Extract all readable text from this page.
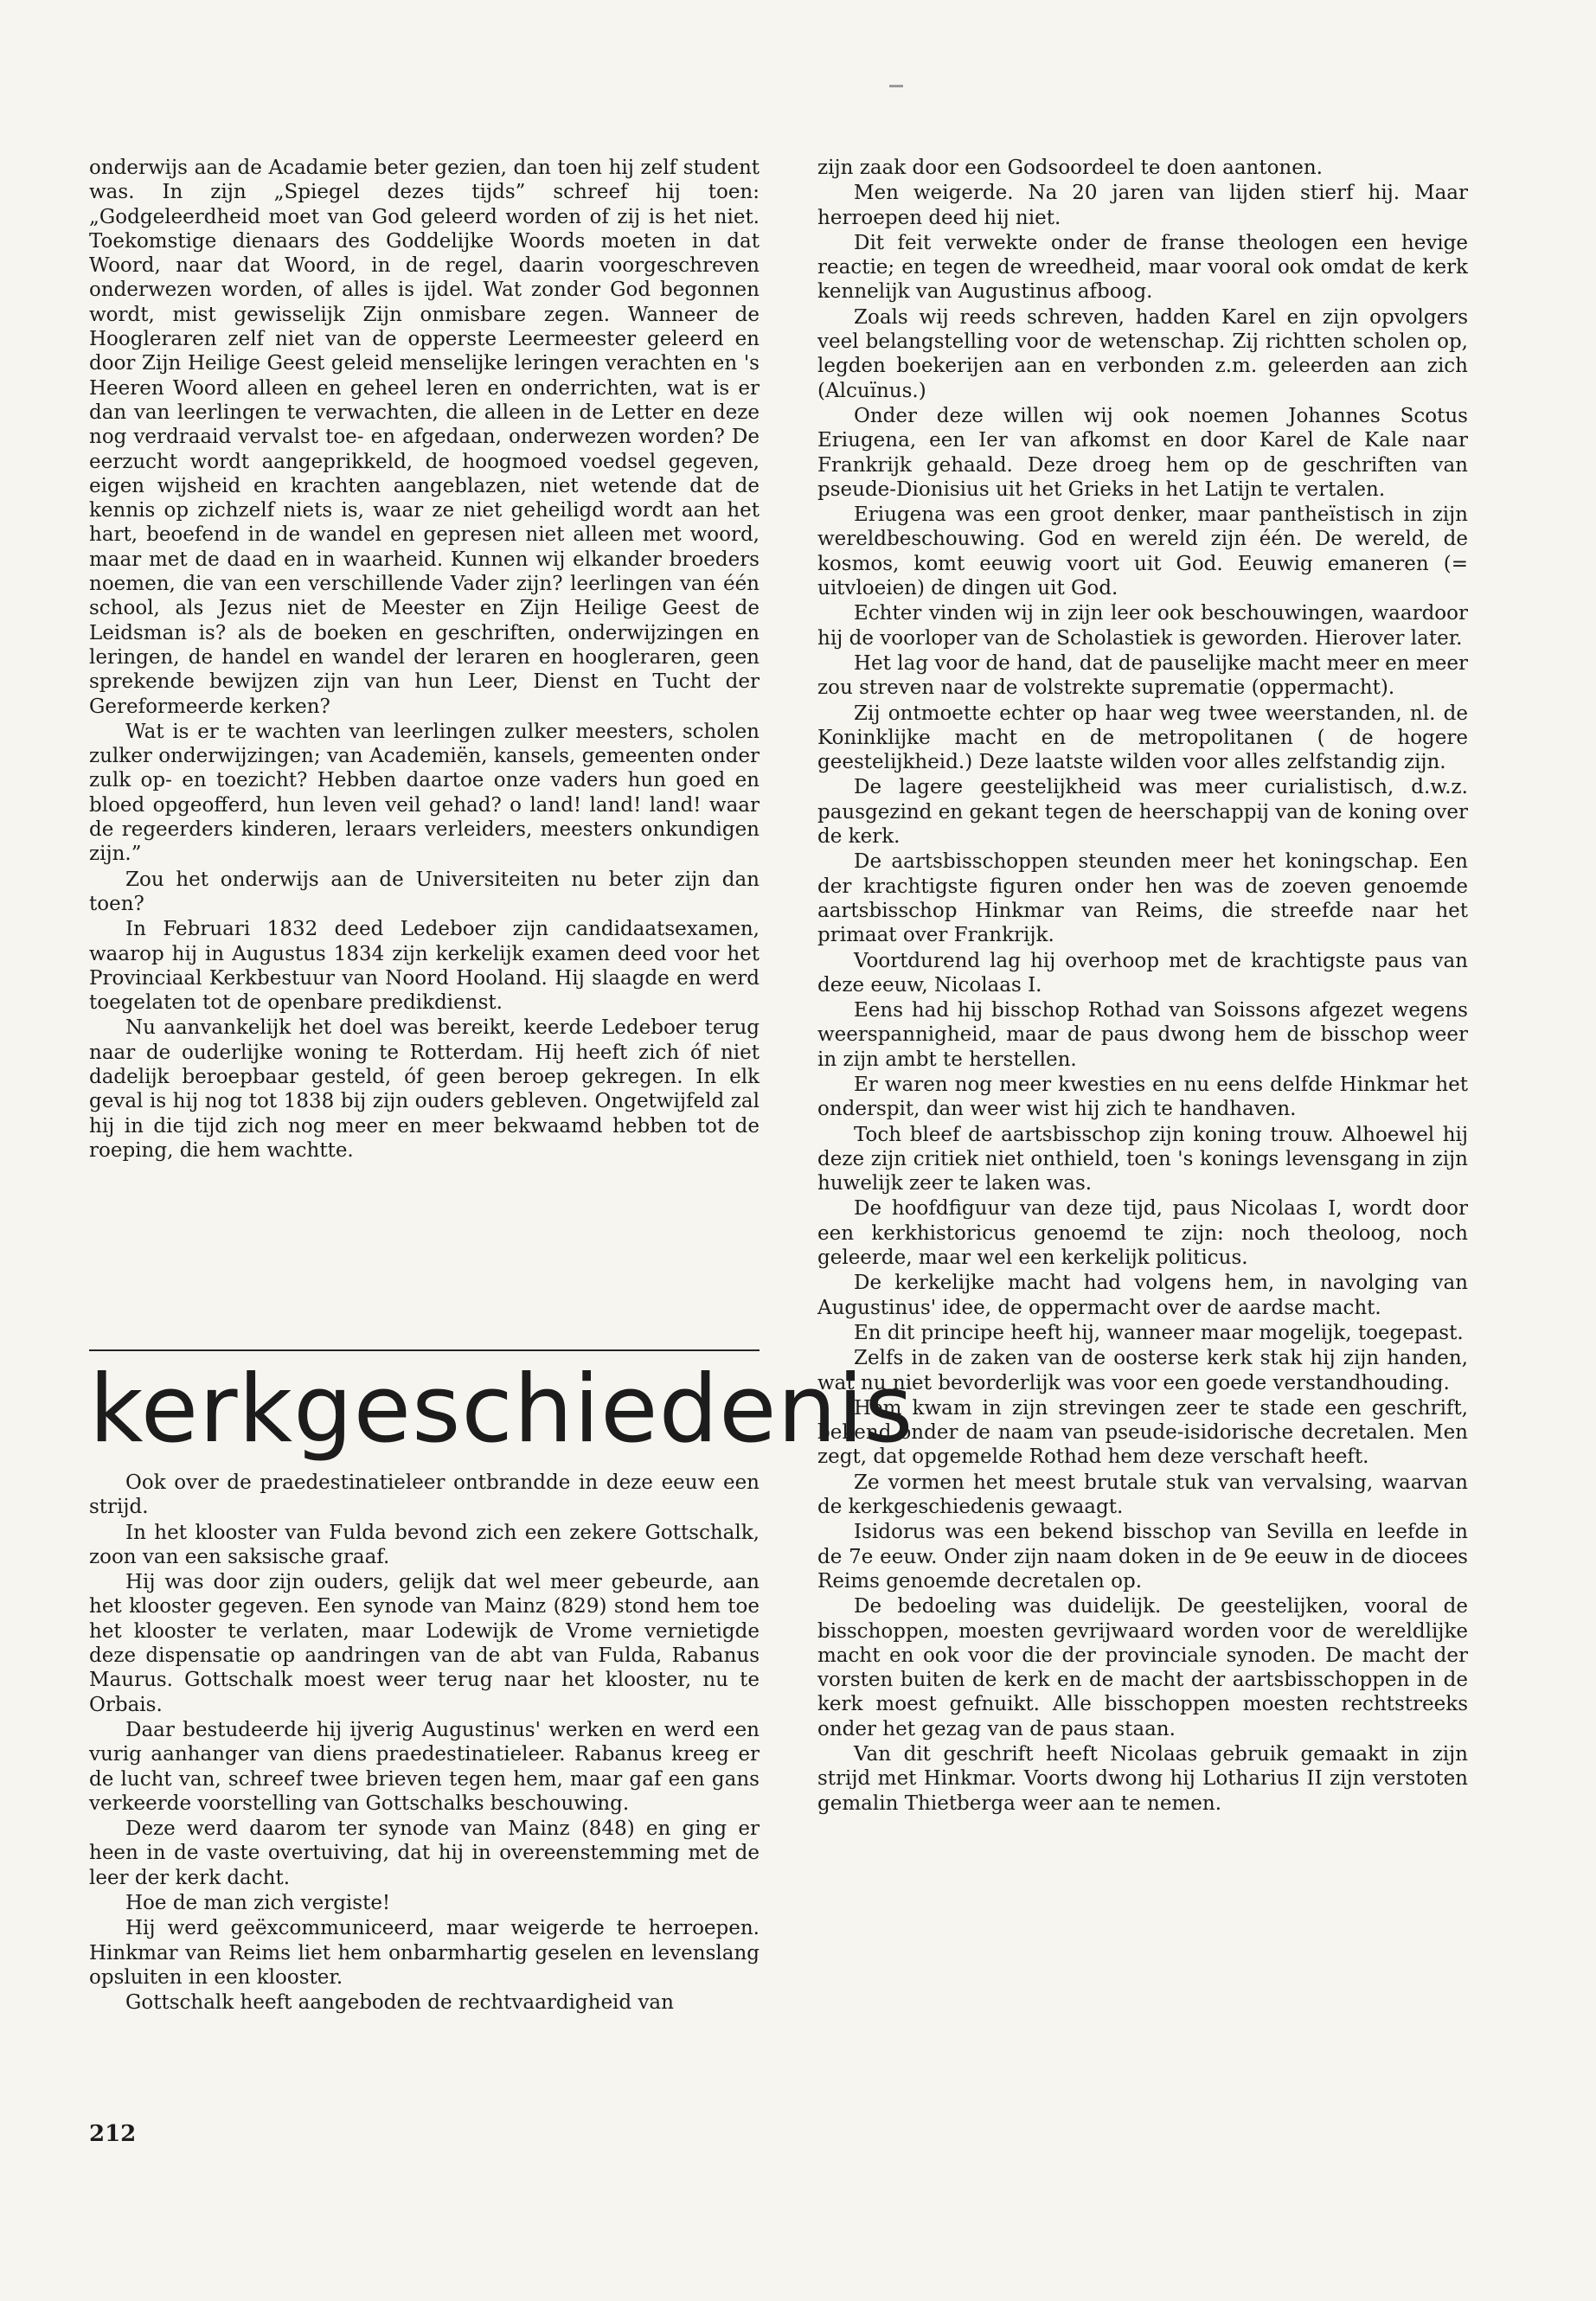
onderwijs aan de Acadamie beter gezien, dan toen hij zelf student was. In zijn „Spiegel dezes tijds” schreef hij toen: „Godgeleerdheid moet van God geleerd worden of zij is het niet. Toekomstige dienaars des Goddelijke Woords moeten in dat Woord, naar dat Woord, in de regel, daarin voorgeschreven onderwezen worden, of alles is ijdel. Wat zonder God begonnen wordt, mist gewisselijk Zijn onmisbare zegen. Wanneer de Hoogleraren zelf niet van de opperste Leermeester geleerd en door Zijn Heilige Geest geleid menselijke leringen verachten en 's Heeren Woord alleen en geheel leren en onderrichten, wat is er dan van leerlingen te verwachten, die alleen in de Letter en deze nog verdraaid vervalst toe- en afgedaan, onderwezen worden? De eerzucht wordt aangeprikkeld, de hoogmoed voedsel gegeven, eigen wijsheid en krachten aangeblazen, niet wetende dat de kennis op zichzelf niets is, waar ze niet geheiligd wordt aan het hart, beoefend in de wandel en gepresen niet alleen met woord, maar met de daad en in waarheid. Kunnen wij elkander broeders noemen, die van een verschillende Vader zijn? leerlingen van één school, als Jezus niet de Meester en Zijn Heilige Geest de Leidsman is? als de boeken en geschriften, onderwijzingen en leringen, de handel en wandel der leraren en hoogleraren, geen sprekende bewijzen zijn van hun Leer, Dienst en Tucht der Gereformeerde kerken?

Wat is er te wachten van leerlingen zulker meesters, scholen zulker onderwijzingen; van Academiën, kansels, gemeenten onder zulk op- en toezicht? Hebben daartoe onze vaders hun goed en bloed opgeofferd, hun leven veil gehad? o land! land! land! waar de regeerders kinderen, leraars verleiders, meesters onkundigen zijn.”

Zou het onderwijs aan de Universiteiten nu beter zijn dan toen?

In Februari 1832 deed Ledeboer zijn candidaatsexamen, waarop hij in Augustus 1834 zijn kerkelijk examen deed voor het Provinciaal Kerkbestuur van Noord Hooland. Hij slaagde en werd toegelaten tot de openbare predikdienst.

Nu aanvankelijk het doel was bereikt, keerde Ledeboer terug naar de ouderlijke woning te Rotterdam. Hij heeft zich óf niet dadelijk beroepbaar gesteld, óf geen beroep gekregen. In elk geval is hij nog tot 1838 bij zijn ouders gebleven. Ongetwijfeld zal hij in die tijd zich nog meer en meer bekwaamd hebben tot de roeping, die hem wachtte.

kerkgeschiedenis

Ook over de praedestinatieleer ontbrandde in deze eeuw een strijd.

In het klooster van Fulda bevond zich een zekere Gottschalk, zoon van een saksische graaf.

Hij was door zijn ouders, gelijk dat wel meer gebeurde, aan het klooster gegeven. Een synode van Mainz (829) stond hem toe het klooster te verlaten, maar Lodewijk de Vrome vernietigde deze dispensatie op aandringen van de abt van Fulda, Rabanus Maurus. Gottschalk moest weer terug naar het klooster, nu te Orbais.

Daar bestudeerde hij ijverig Augustinus' werken en werd een vurig aanhanger van diens praedestinatieleer. Rabanus kreeg er de lucht van, schreef twee brieven tegen hem, maar gaf een gans verkeerde voorstelling van Gottschalks beschouwing.

Deze werd daarom ter synode van Mainz (848) en ging er heen in de vaste overtuiving, dat hij in overeenstemming met de leer der kerk dacht.

Hoe de man zich vergiste!

Hij werd geëxcommuniceerd, maar weigerde te herroepen. Hinkmar van Reims liet hem onbarmhartig geselen en levenslang opsluiten in een klooster.

Gottschalk heeft aangeboden de rechtvaardigheid van

zijn zaak door een Godsoordeel te doen aantonen.

Men weigerde. Na 20 jaren van lijden stierf hij. Maar herroepen deed hij niet.

Dit feit verwekte onder de franse theologen een hevige reactie; en tegen de wreedheid, maar vooral ook omdat de kerk kennelijk van Augustinus afboog.

Zoals wij reeds schreven, hadden Karel en zijn opvolgers veel belangstelling voor de wetenschap. Zij richtten scholen op, legden boekerijen aan en verbonden z.m. geleerden aan zich (Alcuïnus.)

Onder deze willen wij ook noemen Johannes Scotus Eriugena, een Ier van afkomst en door Karel de Kale naar Frankrijk gehaald. Deze droeg hem op de geschriften van pseude-Dionisius uit het Grieks in het Latijn te vertalen.

Eriugena was een groot denker, maar pantheïstisch in zijn wereldbeschouwing. God en wereld zijn één. De wereld, de kosmos, komt eeuwig voort uit God. Eeuwig emaneren (= uitvloeien) de dingen uit God.

Echter vinden wij in zijn leer ook beschouwingen, waardoor hij de voorloper van de Scholastiek is geworden. Hierover later.

Het lag voor de hand, dat de pauselijke macht meer en meer zou streven naar de volstrekte suprematie (oppermacht).

Zij ontmoette echter op haar weg twee weerstanden, nl. de Koninklijke macht en de metropolitanen ( de hogere geestelijkheid.) Deze laatste wilden voor alles zelfstandig zijn.

De lagere geestelijkheid was meer curialistisch, d.w.z. pausgezind en gekant tegen de heerschappij van de koning over de kerk.

De aartsbisschoppen steunden meer het koningschap. Een der krachtigste figuren onder hen was de zoeven genoemde aartsbisschop Hinkmar van Reims, die streefde naar het primaat over Frankrijk.

Voortdurend lag hij overhoop met de krachtigste paus van deze eeuw, Nicolaas I.

Eens had hij bisschop Rothad van Soissons afgezet wegens weerspannigheid, maar de paus dwong hem de bisschop weer in zijn ambt te herstellen.

Er waren nog meer kwesties en nu eens delfde Hinkmar het onderspit, dan weer wist hij zich te handhaven.

Toch bleef de aartsbisschop zijn koning trouw. Alhoewel hij deze zijn critiek niet onthield, toen 's konings levensgang in zijn huwelijk zeer te laken was.

De hoofdfiguur van deze tijd, paus Nicolaas I, wordt door een kerkhistoricus genoemd te zijn: noch theoloog, noch geleerde, maar wel een kerkelijk politicus.

De kerkelijke macht had volgens hem, in navolging van Augustinus' idee, de oppermacht over de aardse macht.

En dit principe heeft hij, wanneer maar mogelijk, toegepast.

Zelfs in de zaken van de oosterse kerk stak hij zijn handen, wat nu niet bevorderlijk was voor een goede verstandhouding.

Hem kwam in zijn strevingen zeer te stade een geschrift, bekend onder de naam van pseude-isidorische decretalen. Men zegt, dat opgemelde Rothad hem deze verschaft heeft.

Ze vormen het meest brutale stuk van vervalsing, waarvan de kerkgeschiedenis gewaagt.

Isidorus was een bekend bisschop van Sevilla en leefde in de 7e eeuw. Onder zijn naam doken in de 9e eeuw in de diocees Reims genoemde decretalen op.

De bedoeling was duidelijk. De geestelijken, vooral de bisschoppen, moesten gevrijwaard worden voor de wereldlijke macht en ook voor die der provinciale synoden. De macht der vorsten buiten de kerk en de macht der aartsbisschoppen in de kerk moest gefnuikt. Alle bisschoppen moesten rechtstreeks onder het gezag van de paus staan.

Van dit geschrift heeft Nicolaas gebruik gemaakt in zijn strijd met Hinkmar. Voorts dwong hij Lotharius II zijn verstoten gemalin Thietberga weer aan te nemen.

212
